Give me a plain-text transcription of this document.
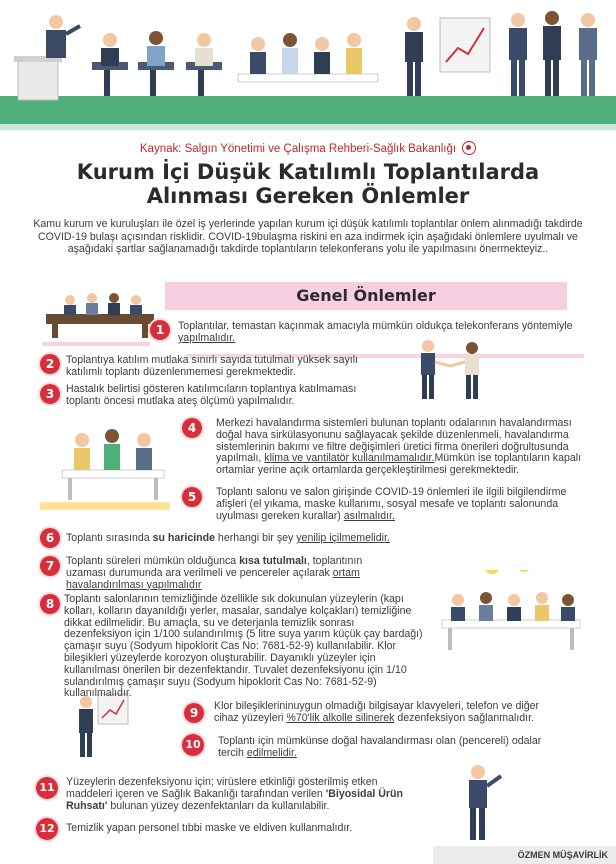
Kaynak: Salgın Yönetimi ve Çalışma Rehberi-Sağlık Bakanlığı
Kurum İçi Düşük Katılımlı Toplantılarda
Alınması Gereken Önlemler
Kamu kurum ve kuruluşları ile özel iş yerlerinde yapılan kurum içi düşük katılımlı toplantılar önlem alınmadığı takdirde COVID-19 bulaşı açısından risklidir. COVID-19bulaşma riskini en aza indirmek için aşağıdaki önlemlere uyulmalı ve aşağıdaki şartlar sağlanamadığı takdirde toplantıların telekonferans yolu ile yapılmasını önermekteyiz..
Genel Önlemler
1	Toplantılar, temastan kaçınmak amacıyla mümkün oldukça telekonferans yöntemiyle yapılmalıdır.
2	Toplantıya katılım mutlaka sınırlı sayıda tutulmalı yüksek sayılı katılımlı toplantı düzenlenmemesi gerekmektedir.
3	Hastalık belirtisi gösteren katılımcıların toplantıya katılmaması toplantı öncesi mutlaka ateş ölçümü yapılmalıdır.
4	Merkezi havalandırma sistemleri bulunan toplantı odalarının havalandırması doğal hava sirkülasyonunu sağlayacak şekilde düzenlenmeli, havalandırma sistemlerinin bakımı ve filtre değişimleri üretici firma önerileri doğrultusunda yapılmalı, klima ve vantilatör kullanılmamalıdır.Mümkün ise toplantıların kapalı ortamlar yerine açık ortamlarda gerçekleştirilmesi gerekmektedir.
5	Toplantı salonu ve salon girişinde COVID-19 önlemleri ile ilgili bilgilendirme afişleri (el yıkama, maske kullanımı, sosyal mesafe ve toplantı salonunda uyulması gereken kurallar) asılmalıdır.
6	Toplantı sırasında su haricinde herhangi bir şey yenilip içilmemelidir.
7	Toplantı süreleri mümkün olduğunca kısa tutulmalı, toplantının uzaması durumunda ara verilmeli ve pencereler açılarak ortam havalandırılması yapılmalıdır
8 Toplantı salonlarının temizliğinde özellikle sık dokunulan yüzeylerin (kapı kolları, kolların dayanıldığı yerler, masalar, sandalye kolçakları) temizliğine dikkat edilmelidir. Bu amaçla, su ve deterjanla temizlik sonrası dezenfeksiyon için 1/100 sulandırılmış (5 litre suya yarım küçük çay bardağı) çamaşır suyu (Sodyum hipoklorit Cas No: 7681-52-9) kullanılabilir. Klor bileşikleri yüzeylerde korozyon oluşturabilir. Dayanıklı yüzeyler için kullanılması önerilen bir dezenfektandır. Tuvalet dezenfeksiyonu için 1/10 sulandırılmış çamaşır suyu (Sodyum hipoklorit Cas No: 7681-52-9) kullanılmalıdır.
9	Klor bileşiklerininuygun olmadığı bilgisayar klavyeleri, telefon ve diğer cihaz yüzeyleri %70'lik alkolle silinerek dezenfeksiyon sağlanmalıdır.
10	Toplantı için mümkünse doğal havalandırması olan (pencereli) odalar tercih edilmelidir.
11	Yüzeylerin dezenfeksiyonu için; virüslere etkinliği gösterilmiş etken maddeleri içeren ve Sağlık Bakanlığı tarafından verilen 'Biyosidal Ürün Ruhsatı' bulunan yüzey dezenfektanları da kullanılabilir.
12	Temizlik yapan personel tıbbi maske ve eldiven kullanmalıdır.
ÖZMEN MÜŞAVİRLİK
